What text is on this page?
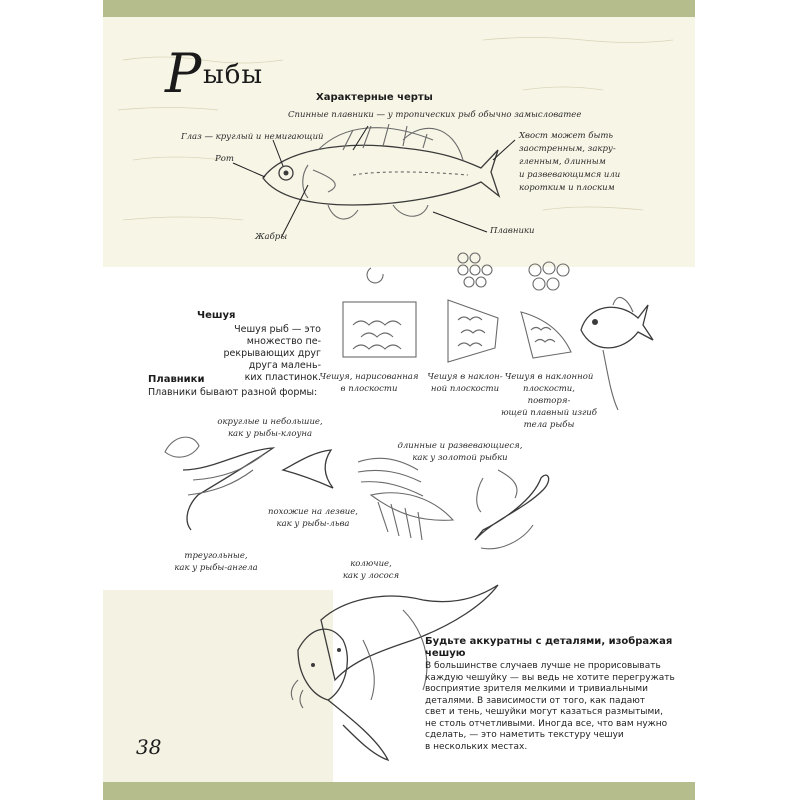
Р ыбы
Характерные черты
Спинные плавники — у тропических рыб обычно замысловатее
Глаз — круглый и немигающий
Рот
Жабры
Плавники
Хвост может быть
заостренным, закру-
гленным, длинным
и развевающимся или
коротким и плоским
Чешуя
Чешуя рыб — это множество пе-
рекрывающих друг друга малень-
ких пластинок.
Чешуя, нарисованная
в плоскости
Чешуя в наклон-
ной плоскости
Чешуя в наклонной
плоскости, повторя-
ющей плавный изгиб
тела рыбы
Плавники
Плавники бывают разной формы:
округлые и небольшие,
как у рыбы-клоуна
длинные и развевающиеся,
как у золотой рыбки
похожие на лезвие,
как у рыбы-льва
треугольные,
как у рыбы-ангела	колючие,
как у лосося
Будьте аккуратны с деталями, изображая
чешую
В большинстве случаев лучше не прорисовывать
каждую чешуйку — вы ведь не хотите перегружать
восприятие зрителя мелкими и тривиальными
деталями. В зависимости от того, как падают
свет и тень, чешуйки могут казаться размытыми,
не столь отчетливыми. Иногда все, что вам нужно
сделать, — это наметить текстуру чешуи
в нескольких местах.
38
